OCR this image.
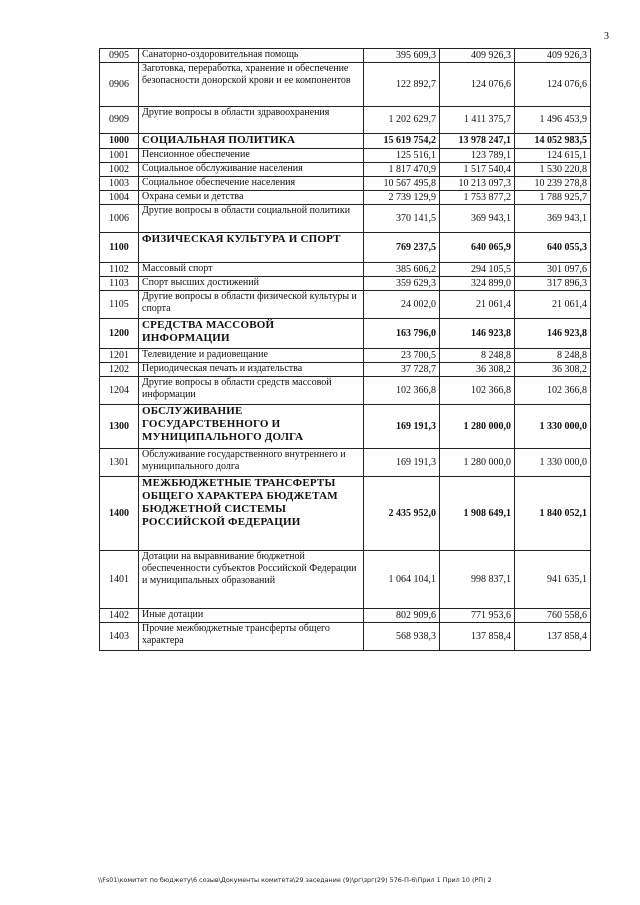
3
0905	Санаторно-оздоровительная помощь	395 609,3	409 926,3	409 926,3
0906	Заготовка, переработка, хранение и обеспечение безопасности донорской крови и ее компонентов	122 892,7	124 076,6	124 076,6
0909	Другие вопросы в области здравоохранения	1 202 629,7	1 411 375,7	1 496 453,9
1000	СОЦИАЛЬНАЯ ПОЛИТИКА	15 619 754,2	13 978 247,1	14 052 983,5
1001	Пенсионное обеспечение	125 516,1	123 789,1	124 615,1
1002	Социальное обслуживание населения	1 817 470,9	1 517 540,4	1 530 220,8
1003	Социальное обеспечение населения	10 567 495,8	10 213 097,3	10 239 278,8
1004	Охрана семьи и детства	2 739 129,9	1 753 877,2	1 788 925,7
1006	Другие вопросы в области социальной политики	370 141,5	369 943,1	369 943,1
1100	ФИЗИЧЕСКАЯ КУЛЬТУРА И СПОРТ	769 237,5	640 065,9	640 055,3
1102	Массовый спорт	385 606,2	294 105,5	301 097,6
1103	Спорт высших достижений	359 629,3	324 899,0	317 896,3
1105	Другие вопросы в области физической культуры и спорта	24 002,0	21 061,4	21 061,4
1200	СРЕДСТВА МАССОВОЙ ИНФОРМАЦИИ	163 796,0	146 923,8	146 923,8
1201	Телевидение и радиовещание	23 700,5	8 248,8	8 248,8
1202	Периодическая печать и издательства	37 728,7	36 308,2	36 308,2
1204	Другие вопросы в области средств массовой информации	102 366,8	102 366,8	102 366,8
1300	ОБСЛУЖИВАНИЕ ГОСУДАРСТВЕННОГО И МУНИЦИПАЛЬНОГО ДОЛГА	169 191,3	1 280 000,0	1 330 000,0
1301	Обслуживание государственного внутреннего и муниципального долга	169 191,3	1 280 000,0	1 330 000,0
1400	МЕЖБЮДЖЕТНЫЕ ТРАНСФЕРТЫ ОБЩЕГО ХАРАКТЕРА БЮДЖЕТАМ БЮДЖЕТНОЙ СИСТЕМЫ РОССИЙСКОЙ ФЕДЕРАЦИИ	2 435 952,0	1 908 649,1	1 840 052,1
1401	Дотации на выравнивание бюджетной обеспеченности субъектов Российской Федерации и муниципальных образований	1 064 104,1	998 837,1	941 635,1
1402	Иные дотации	802 909,6	771 953,6	760 558,6
1403	Прочие межбюджетные трансферты общего характера	568 938,3	137 858,4	137 858,4
\\Fs01\комитет по бюджету\6 созыв\Документы комитета\29 заседание (9)\рг\зрг(29) 576-П-6\Прил 1 Прил 10 (РП) 2
